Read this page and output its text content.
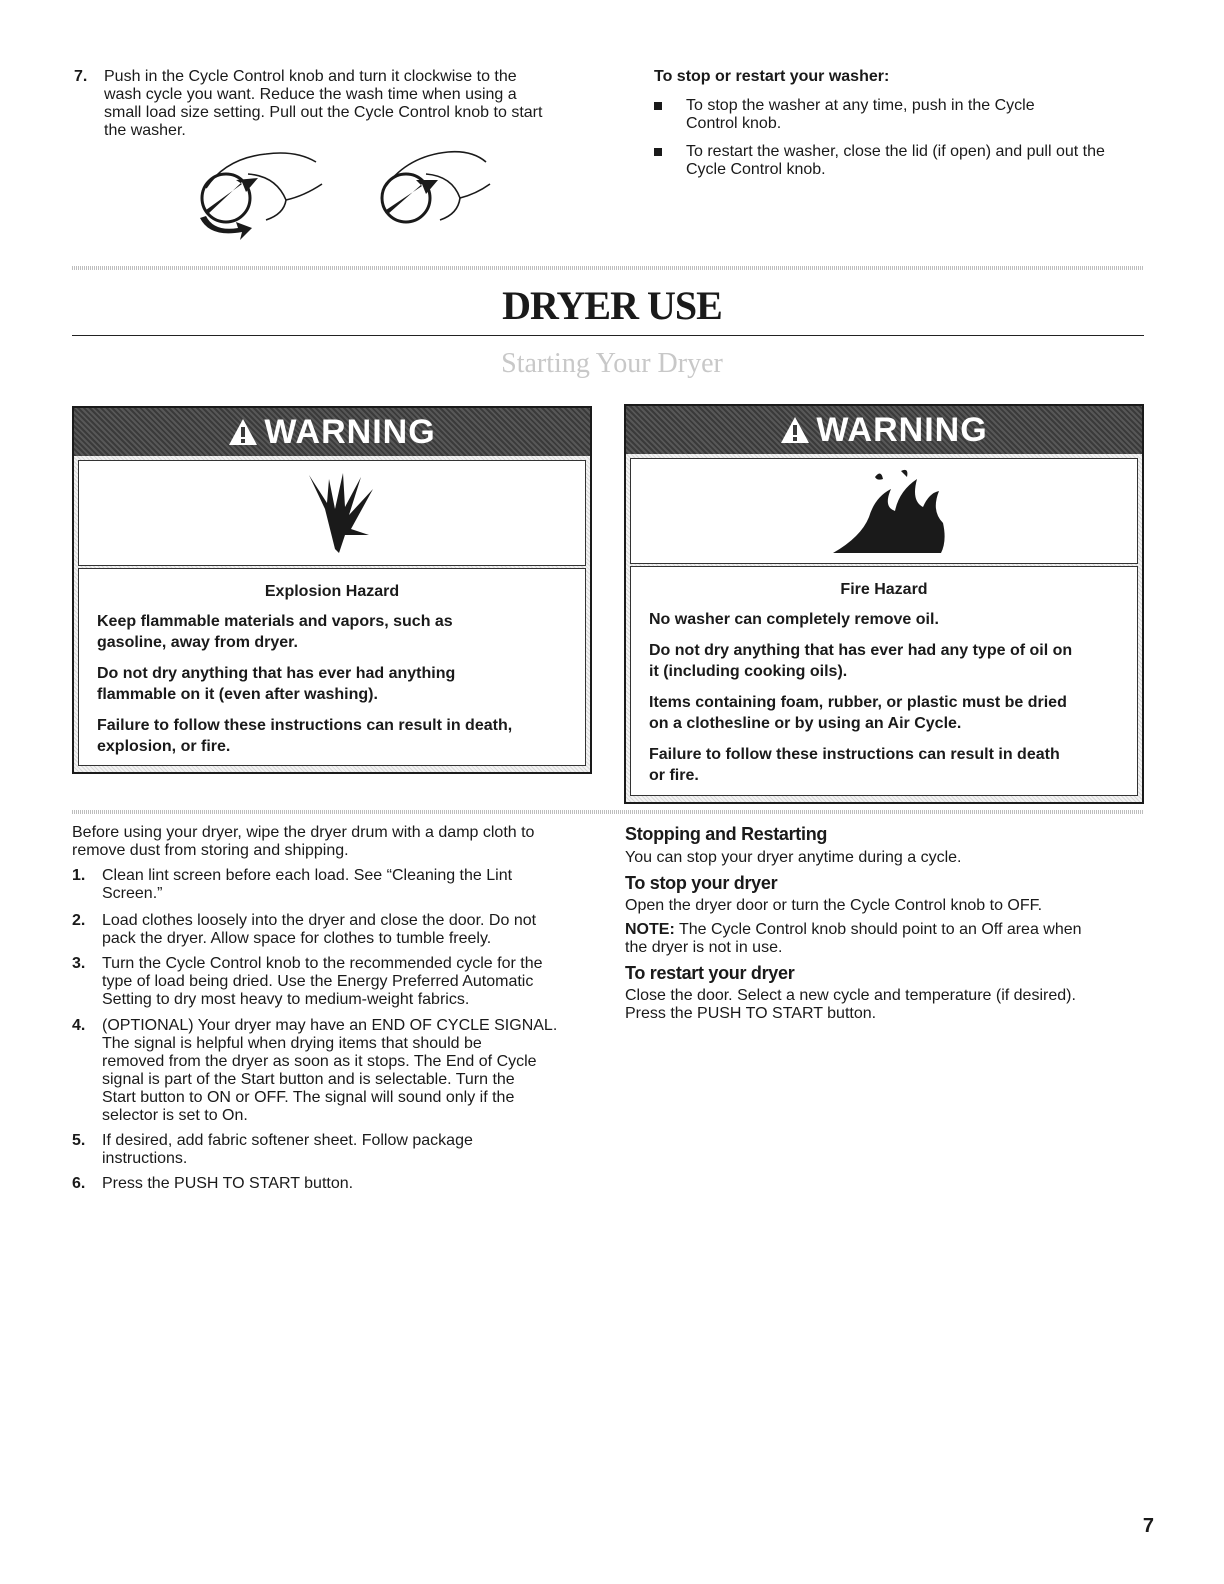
7. Push in the Cycle Control knob and turn it clockwise to the
wash cycle you want. Reduce the wash time when using a
small load size setting. Pull out the Cycle Control knob to start
the washer.
To stop or restart your washer:
To stop the washer at any time, push in the Cycle
Control knob.
To restart the washer, close the lid (if open) and pull out the
Cycle Control knob.
DRYER USE
Starting Your Dryer
WARNING
Explosion Hazard

Keep flammable materials and vapors, such as
gasoline, away from dryer.

Do not dry anything that has ever had anything
flammable on it (even after washing).

Failure to follow these instructions can result in death,
explosion, or fire.

WARNING
Fire Hazard

No washer can completely remove oil.

Do not dry anything that has ever had any type of oil on
it (including cooking oils).

Items containing foam, rubber, or plastic must be dried
on a clothesline or by using an Air Cycle.

Failure to follow these instructions can result in death
or fire.

Before using your dryer, wipe the dryer drum with a damp cloth to
remove dust from storing and shipping.
1. Clean lint screen before each load. See “Cleaning the Lint
Screen.”
2. Load clothes loosely into the dryer and close the door. Do not
pack the dryer. Allow space for clothes to tumble freely.
3. Turn the Cycle Control knob to the recommended cycle for the
type of load being dried. Use the Energy Preferred Automatic
Setting to dry most heavy to medium-weight fabrics.
4. (OPTIONAL) Your dryer may have an END OF CYCLE SIGNAL.
The signal is helpful when drying items that should be
removed from the dryer as soon as it stops. The End of Cycle
signal is part of the Start button and is selectable. Turn the
Start button to ON or OFF. The signal will sound only if the
selector is set to On.
5. If desired, add fabric softener sheet. Follow package
instructions.
6. Press the PUSH TO START button.
Stopping and Restarting
You can stop your dryer anytime during a cycle.
To stop your dryer
Open the dryer door or turn the Cycle Control knob to OFF.
NOTE: The Cycle Control knob should point to an Off area when
the dryer is not in use.
To restart your dryer
Close the door. Select a new cycle and temperature (if desired).
Press the PUSH TO START button.
7
